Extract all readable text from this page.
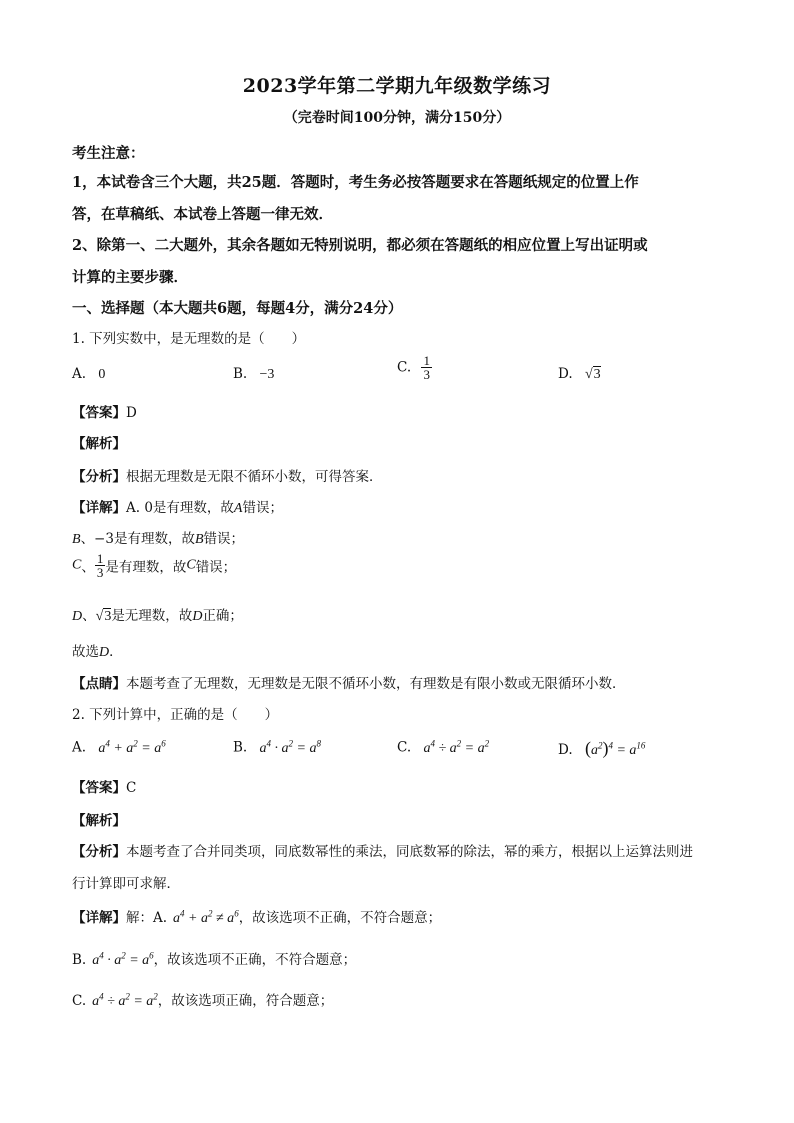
2023学年第二学期九年级数学练习
（完卷时间100分钟，满分150分）
考生注意：
1，本试卷含三个大题，共25题．答题时，考生务必按答题要求在答题纸规定的位置上作
答，在草稿纸、本试卷上答题一律无效．
2、除第一、二大题外，其余各题如无特别说明，都必须在答题纸的相应位置上写出证明或
计算的主要步骤．
一、选择题（本大题共6题，每题4分，满分24分）
1. 下列实数中，是无理数的是（　　）
A. 0	B. −3	C. $\frac{1}{3}$	D. √3
【答案】D
【解析】
【分析】根据无理数是无限不循环小数，可得答案．
【详解】A. 0是有理数，故A错误；
B、−3是有理数，故B错误；
C、 $\frac{1}{3}$ 是有理数，故C错误；
D、√3是无理数，故D正确；
故选D．
【点睛】本题考查了无理数，无理数是无限不循环小数，有理数是有限小数或无限循环小数．
2. 下列计算中，正确的是（　　）
A. $a^4 + a^2 = a^6$	B. $a^4 \cdot a^2 = a^8$	C. $a^4 \div a^2 = a^2$	D. $(a^2)^4 = a^{16}$
【答案】C
【解析】
【分析】本题考查了合并同类项，同底数幂性的乘法，同底数幂的除法，幂的乘方，根据以上运算法则进
行计算即可求解．
【详解】解：A. $a^4 + a^2 \ne a^6$，故该选项不正确，不符合题意；
B. $a^4 \cdot a^2 = a^6$，故该选项不正确，不符合题意；
C. $a^4 \div a^2 = a^2$，故该选项正确，符合题意；
